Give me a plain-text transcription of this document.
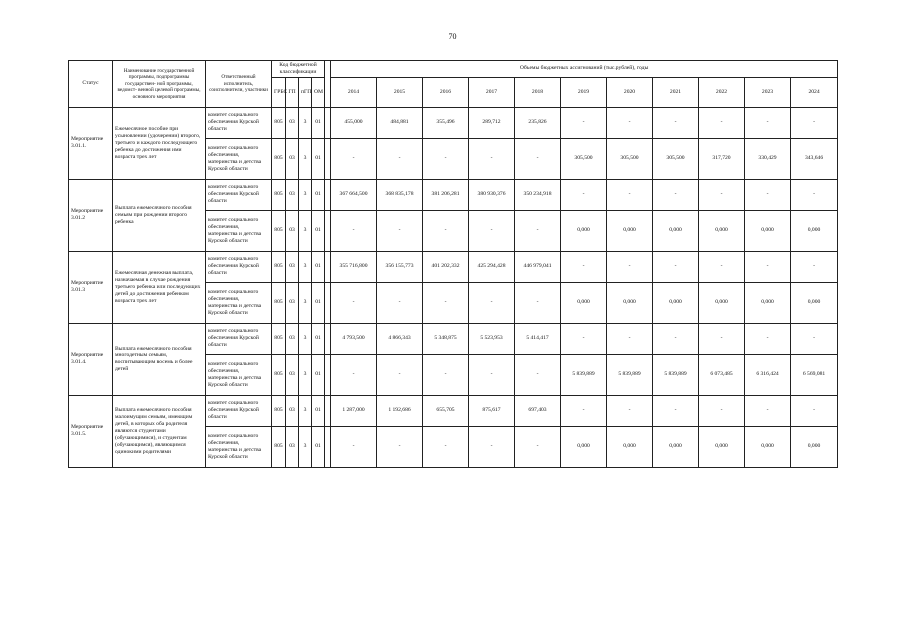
70
Статус	Наименование государственной программы, подпрограммы государствен- ной программы, ведомст- венной целевой программы, основного мероприятия	Ответственный исполнитель, соисполнители, участники	Код бюджетной классификации					Объемы бюджетных ассигнований (тыс.рублей), годы										
			ГРБС	ГП	пГП	ОМ		2014	2015	2016	2017	2018	2019	2020	2021	2022	2023	2024
Мероприятие 3.01.1.	Ежемесячное пособие при усыновлении (удочерении) второго, третьего и каждого последующего ребенка до достижения ими возраста трех лет	комитет социального обеспечения Курской области	805	03	3	01		455,000	484,881	355,496	289,712	235,826	-	-	-	-	-	-
		комитет социального обеспечения, материнства и детства Курской области	805	03	3	01		-	-	-	-	-	305,500	305,500	305,500	317,720	330,429	343,646
Мероприятие 3.01.2	Выплата ежемесячного пособия семьям при рождении второго ребенка	комитет социального обеспечения Курской области	805	03	3	01		367 664,500	368 835,178	381 206,281	380 930,376	350 234,918	-	-	-	-	-	-
		комитет социального обеспечения, материнства и детства Курской области	805	03	3	01		-	-	-	-	-	0,000	0,000	0,000	0,000	0,000	0,000
Мероприятие 3.01.3	Ежемесячная денежная выплата, назначаемая в случае рождения третьего ребенка или последующих детей до достижения ребенком возраста трех лет	комитет социального обеспечения Курской области	805	03	3	01		355 716,800	356 155,773	401 202,332	425 294,428	446 979,041	-	-	-	-	-	-
		комитет социального обеспечения, материнства и детства Курской области	805	03	3	01		-	-	-	-	-	0,000	0,000	0,000	0,000	0,000	0,000
Мероприятие 3.01.4.	Выплата ежемесячного пособия многодетным семьям, воспитывающим восемь и более детей	комитет социального обеспечения Курской области	805	03	3	01		4 793,500	4 866,343	5 348,875	5 523,953	5 414,417	-	-	-	-	-	-
		комитет социального обеспечения, материнства и детства Курской области	805	03	3	01		-	-	-	-	-	5 839,889	5 839,889	5 839,889	6 073,485	6 316,424	6 569,081
Мероприятие 3.01.5.	Выплата ежемесячного пособия малоимущим семьям, имеющим детей, в которых оба родителя являются студентами (обучающимися), и студентам (обучающимся), являющимся одинокими родителями	комитет социального обеспечения Курской области	805	03	3	01		1 287,000	1 192,686	655,705	875,617	697,403	-	-	-	-	-	-
		комитет социального обеспечения, материнства и детства Курской области	805	03	3	01		-	-	-	-	-	0,000	0,000	0,000	0,000	0,000	0,000
